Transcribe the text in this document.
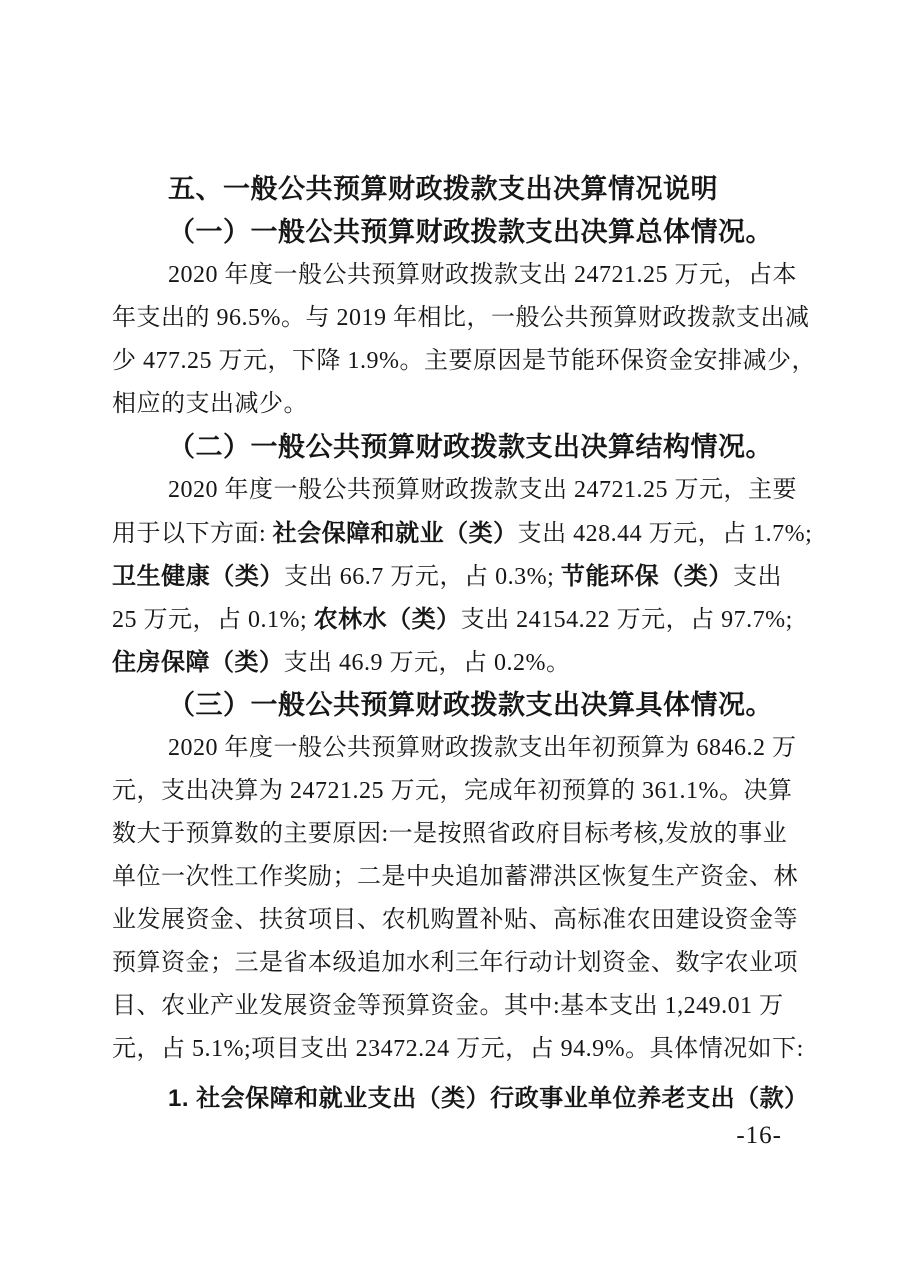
五、一般公共预算财政拨款支出决算情况说明
（一）一般公共预算财政拨款支出决算总体情况。
2020 年度一般公共预算财政拨款支出 24721.25 万元，占本
年支出的 96.5%。与 2019 年相比，一般公共预算财政拨款支出减
少 477.25 万元，下降 1.9%。主要原因是节能环保资金安排减少，
相应的支出减少。
（二）一般公共预算财政拨款支出决算结构情况。
2020 年度一般公共预算财政拨款支出 24721.25 万元，主要
用于以下方面: 社会保障和就业（类）支出 428.44 万元，占 1.7%;
卫生健康（类）支出 66.7 万元，占 0.3%; 节能环保（类）支出
25 万元，占 0.1%; 农林水（类）支出 24154.22 万元，占 97.7%;
住房保障（类）支出 46.9 万元，占 0.2%。
（三）一般公共预算财政拨款支出决算具体情况。
2020 年度一般公共预算财政拨款支出年初预算为 6846.2 万
元，支出决算为 24721.25 万元，完成年初预算的 361.1%。决算
数大于预算数的主要原因:一是按照省政府目标考核,发放的事业
单位一次性工作奖励；二是中央追加蓄滞洪区恢复生产资金、林
业发展资金、扶贫项目、农机购置补贴、高标准农田建设资金等
预算资金；三是省本级追加水利三年行动计划资金、数字农业项
目、农业产业发展资金等预算资金。其中:基本支出 1,249.01 万
元，占 5.1%;项目支出 23472.24 万元，占 94.9%。具体情况如下:
1. 社会保障和就业支出（类）行政事业单位养老支出（款）
-16-
